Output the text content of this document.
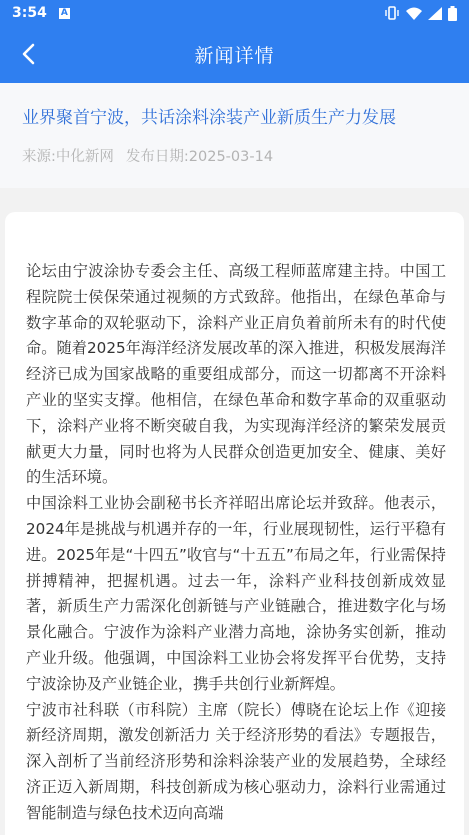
3:54 A
新闻详情
业界聚首宁波，共话涂料涂装产业新质生产力发展
来源:中化新网 发布日期:2025-03-14

论坛由宁波涂协专委会主任、高级工程师蓝席建主持。中国工程院院士侯保荣通过视频的方式致辞。他指出，在绿色革命与数字革命的双轮驱动下，涂料产业正肩负着前所未有的时代使命。随着2025年海洋经济发展改革的深入推进，积极发展海洋经济已成为国家战略的重要组成部分，而这一切都离不开涂料产业的坚实支撑。他相信，在绿色革命和数字革命的双重驱动下，涂料产业将不断突破自我，为实现海洋经济的繁荣发展贡献更大力量，同时也将为人民群众创造更加安全、健康、美好的生活环境。

中国涂料工业协会副秘书长齐祥昭出席论坛并致辞。他表示，2024年是挑战与机遇并存的一年，行业展现韧性，运行平稳有进。2025年是“十四五”收官与“十五五”布局之年，行业需保持拼搏精神，把握机遇。过去一年，涂料产业科技创新成效显著，新质生产力需深化创新链与产业链融合，推进数字化与场景化融合。宁波作为涂料产业潜力高地，涂协务实创新，推动产业升级。他强调，中国涂料工业协会将发挥平台优势，支持宁波涂协及产业链企业，携手共创行业新辉煌。

宁波市社科联（市科院）主席（院长）傅晓在论坛上作《迎接新经济周期，激发创新活力 关于经济形势的看法》专题报告，深入剖析了当前经济形势和涂料涂装产业的发展趋势，全球经济正迈入新周期，科技创新成为核心驱动力，涂料行业需通过智能制造与绿色技术迈向高端
